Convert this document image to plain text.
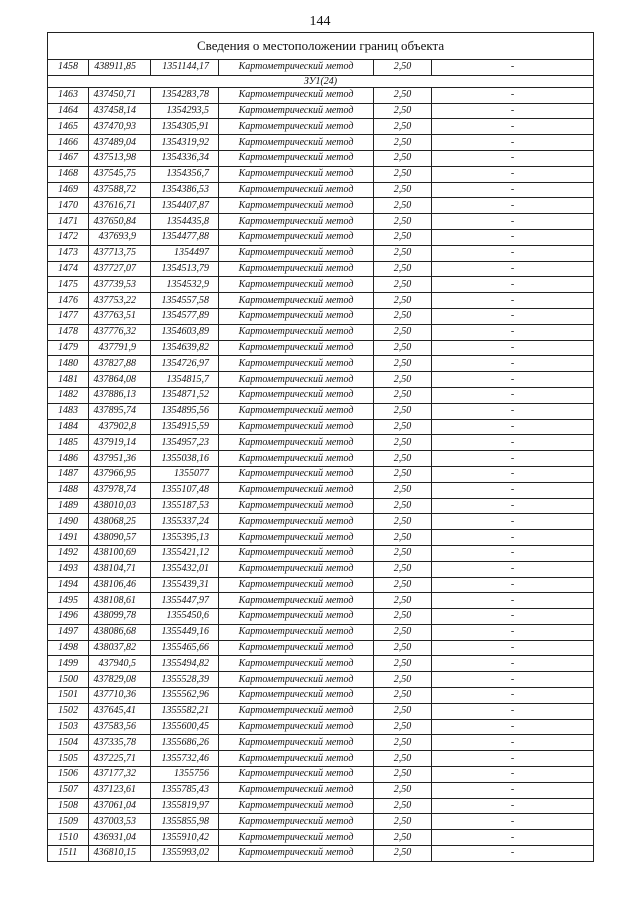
144
Сведения о местоположении границ объекта					
1458	438911,85	1351144,17	Картометрический метод	2,50	-
ЗУ1(24)					
1463	437450,71	1354283,78	Картометрический метод	2,50	-
1464	437458,14	1354293,5	Картометрический метод	2,50	-
1465	437470,93	1354305,91	Картометрический метод	2,50	-
1466	437489,04	1354319,92	Картометрический метод	2,50	-
1467	437513,98	1354336,34	Картометрический метод	2,50	-
1468	437545,75	1354356,7	Картометрический метод	2,50	-
1469	437588,72	1354386,53	Картометрический метод	2,50	-
1470	437616,71	1354407,87	Картометрический метод	2,50	-
1471	437650,84	1354435,8	Картометрический метод	2,50	-
1472	437693,9	1354477,88	Картометрический метод	2,50	-
1473	437713,75	1354497	Картометрический метод	2,50	-
1474	437727,07	1354513,79	Картометрический метод	2,50	-
1475	437739,53	1354532,9	Картометрический метод	2,50	-
1476	437753,22	1354557,58	Картометрический метод	2,50	-
1477	437763,51	1354577,89	Картометрический метод	2,50	-
1478	437776,32	1354603,89	Картометрический метод	2,50	-
1479	437791,9	1354639,82	Картометрический метод	2,50	-
1480	437827,88	1354726,97	Картометрический метод	2,50	-
1481	437864,08	1354815,7	Картометрический метод	2,50	-
1482	437886,13	1354871,52	Картометрический метод	2,50	-
1483	437895,74	1354895,56	Картометрический метод	2,50	-
1484	437902,8	1354915,59	Картометрический метод	2,50	-
1485	437919,14	1354957,23	Картометрический метод	2,50	-
1486	437951,36	1355038,16	Картометрический метод	2,50	-
1487	437966,95	1355077	Картометрический метод	2,50	-
1488	437978,74	1355107,48	Картометрический метод	2,50	-
1489	438010,03	1355187,53	Картометрический метод	2,50	-
1490	438068,25	1355337,24	Картометрический метод	2,50	-
1491	438090,57	1355395,13	Картометрический метод	2,50	-
1492	438100,69	1355421,12	Картометрический метод	2,50	-
1493	438104,71	1355432,01	Картометрический метод	2,50	-
1494	438106,46	1355439,31	Картометрический метод	2,50	-
1495	438108,61	1355447,97	Картометрический метод	2,50	-
1496	438099,78	1355450,6	Картометрический метод	2,50	-
1497	438086,68	1355449,16	Картометрический метод	2,50	-
1498	438037,82	1355465,66	Картометрический метод	2,50	-
1499	437940,5	1355494,82	Картометрический метод	2,50	-
1500	437829,08	1355528,39	Картометрический метод	2,50	-
1501	437710,36	1355562,96	Картометрический метод	2,50	-
1502	437645,41	1355582,21	Картометрический метод	2,50	-
1503	437583,56	1355600,45	Картометрический метод	2,50	-
1504	437335,78	1355686,26	Картометрический метод	2,50	-
1505	437225,71	1355732,46	Картометрический метод	2,50	-
1506	437177,32	1355756	Картометрический метод	2,50	-
1507	437123,61	1355785,43	Картометрический метод	2,50	-
1508	437061,04	1355819,97	Картометрический метод	2,50	-
1509	437003,53	1355855,98	Картометрический метод	2,50	-
1510	436931,04	1355910,42	Картометрический метод	2,50	-
1511	436810,15	1355993,02	Картометрический метод	2,50	-
